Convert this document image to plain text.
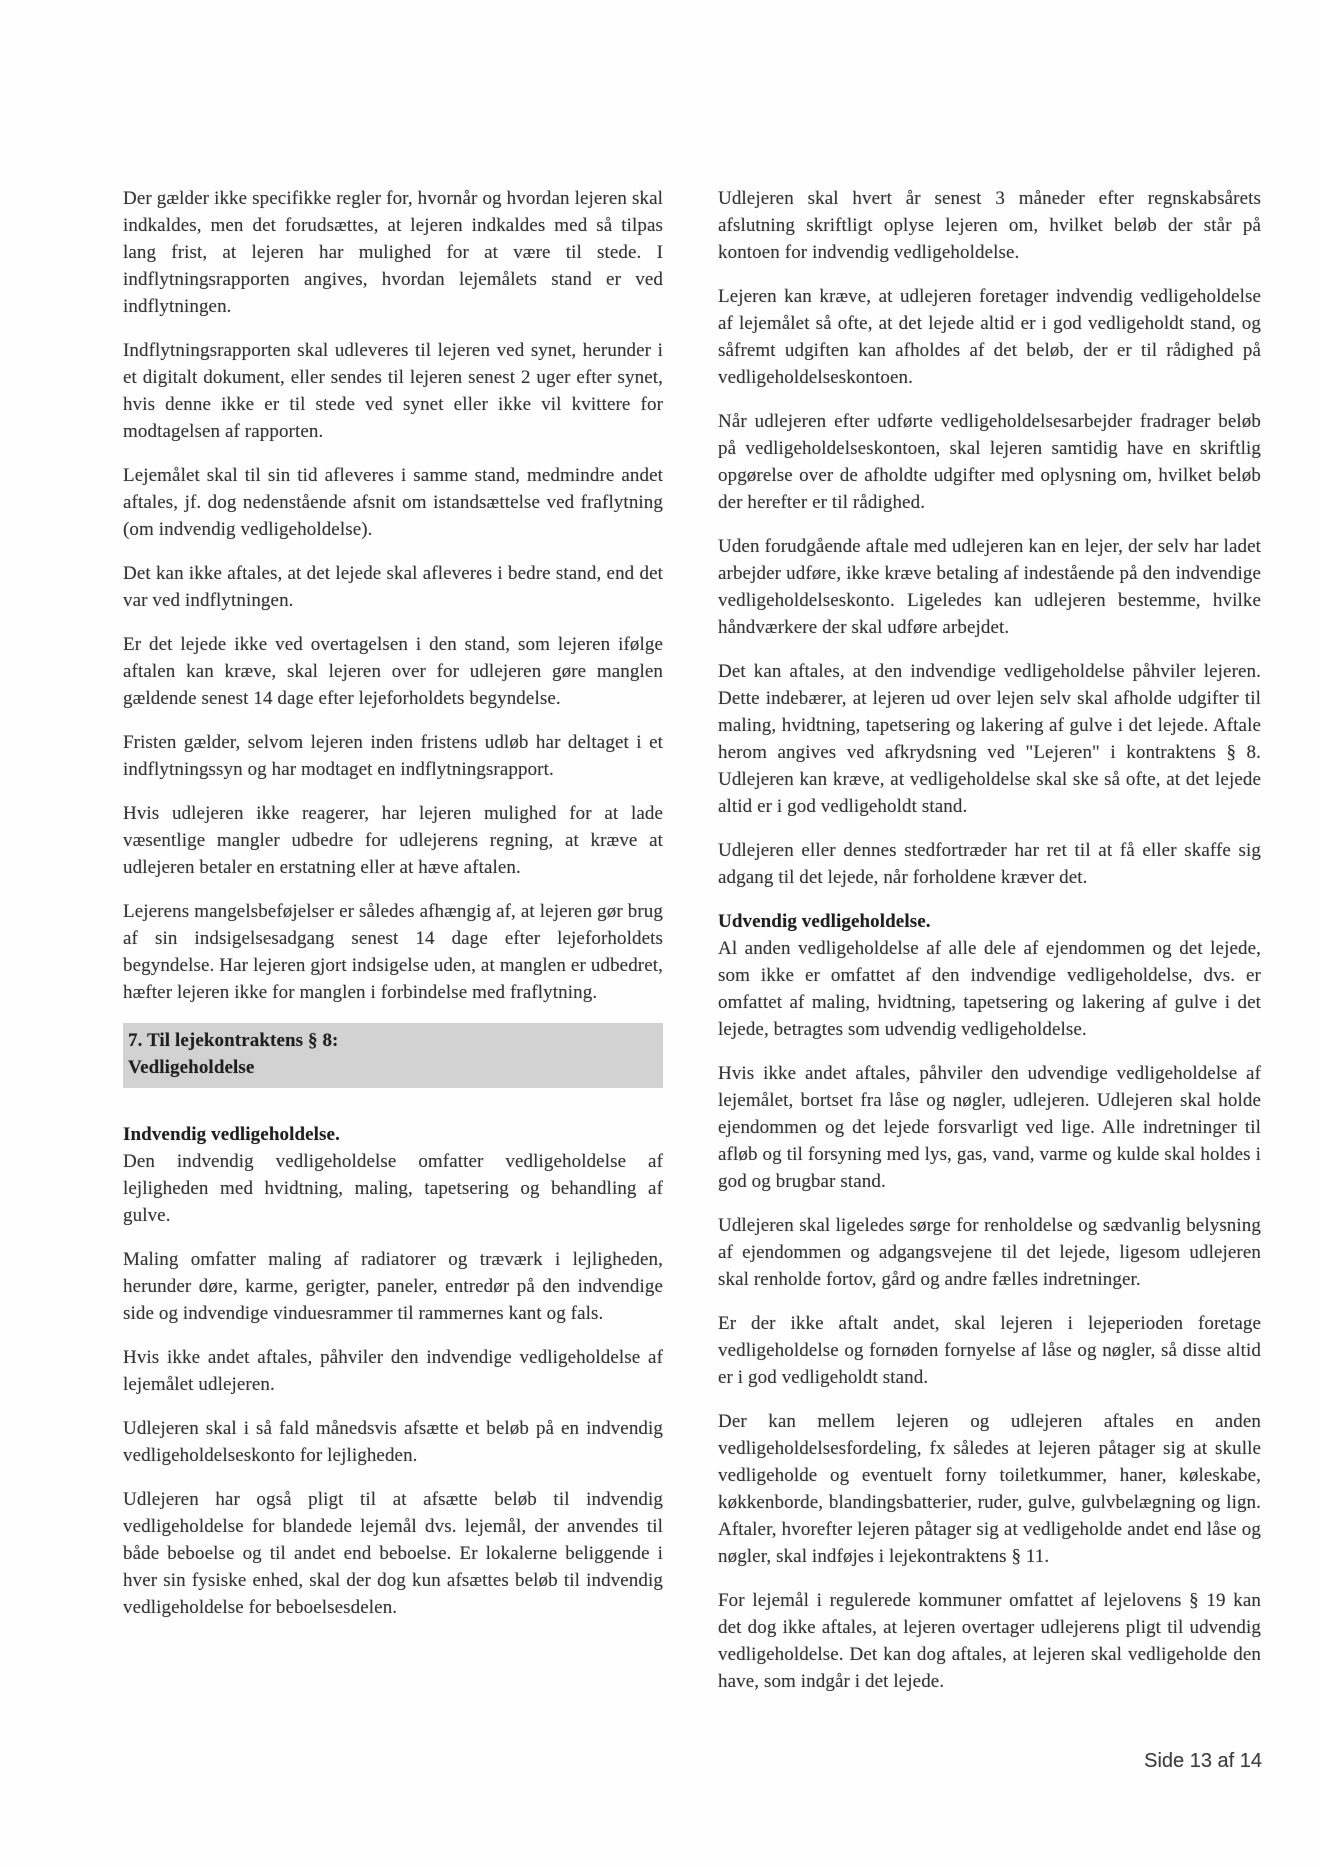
Der gælder ikke specifikke regler for, hvornår og hvordan lejeren skal indkaldes, men det forudsættes, at lejeren indkaldes med så tilpas lang frist, at lejeren har mulighed for at være til stede. I indflytningsrapporten angives, hvordan lejemålets stand er ved indflytningen.

Indflytningsrapporten skal udleveres til lejeren ved synet, herunder i et digitalt dokument, eller sendes til lejeren senest 2 uger efter synet, hvis denne ikke er til stede ved synet eller ikke vil kvittere for modtagelsen af rapporten.

Lejemålet skal til sin tid afleveres i samme stand, medmindre andet aftales, jf. dog nedenstående afsnit om istandsættelse ved fraflytning (om indvendig vedligeholdelse).

Det kan ikke aftales, at det lejede skal afleveres i bedre stand, end det var ved indflytningen.

Er det lejede ikke ved overtagelsen i den stand, som lejeren ifølge aftalen kan kræve, skal lejeren over for udlejeren gøre manglen gældende senest 14 dage efter lejeforholdets begyndelse.

Fristen gælder, selvom lejeren inden fristens udløb har deltaget i et indflytningssyn og har modtaget en indflytningsrapport.

Hvis udlejeren ikke reagerer, har lejeren mulighed for at lade væsentlige mangler udbedre for udlejerens regning, at kræve at udlejeren betaler en erstatning eller at hæve aftalen.

Lejerens mangelsbeføjelser er således afhængig af, at lejeren gør brug af sin indsigelsesadgang senest 14 dage efter lejeforholdets begyndelse. Har lejeren gjort indsigelse uden, at manglen er udbedret, hæfter lejeren ikke for manglen i forbindelse med fraflytning.

7. Til lejekontraktens § 8:
Vedligeholdelse
Indvendig vedligeholdelse.

Den indvendig vedligeholdelse omfatter vedligeholdelse af lejligheden med hvidtning, maling, tapetsering og behandling af gulve.

Maling omfatter maling af radiatorer og træværk i lejligheden, herunder døre, karme, gerigter, paneler, entredør på den indvendige side og indvendige vinduesrammer til rammernes kant og fals.

Hvis ikke andet aftales, påhviler den indvendige vedligeholdelse af lejemålet udlejeren.

Udlejeren skal i så fald månedsvis afsætte et beløb på en indvendig vedligeholdelseskonto for lejligheden.

Udlejeren har også pligt til at afsætte beløb til indvendig vedligeholdelse for blandede lejemål dvs. lejemål, der anvendes til både beboelse og til andet end beboelse. Er lokalerne beliggende i hver sin fysiske enhed, skal der dog kun afsættes beløb til indvendig vedligeholdelse for beboelsesdelen.

Udlejeren skal hvert år senest 3 måneder efter regnskabsårets afslutning skriftligt oplyse lejeren om, hvilket beløb der står på kontoen for indvendig vedligeholdelse.

Lejeren kan kræve, at udlejeren foretager indvendig vedligeholdelse af lejemålet så ofte, at det lejede altid er i god vedligeholdt stand, og såfremt udgiften kan afholdes af det beløb, der er til rådighed på vedligeholdelseskontoen.

Når udlejeren efter udførte vedligeholdelsesarbejder fradrager beløb på vedligeholdelseskontoen, skal lejeren samtidig have en skriftlig opgørelse over de afholdte udgifter med oplysning om, hvilket beløb der herefter er til rådighed.

Uden forudgående aftale med udlejeren kan en lejer, der selv har ladet arbejder udføre, ikke kræve betaling af indestående på den indvendige vedligeholdelseskonto. Ligeledes kan udlejeren bestemme, hvilke håndværkere der skal udføre arbejdet.

Det kan aftales, at den indvendige vedligeholdelse påhviler lejeren. Dette indebærer, at lejeren ud over lejen selv skal afholde udgifter til maling, hvidtning, tapetsering og lakering af gulve i det lejede. Aftale herom angives ved afkrydsning ved "Lejeren" i kontraktens § 8. Udlejeren kan kræve, at vedligeholdelse skal ske så ofte, at det lejede altid er i god vedligeholdt stand.

Udlejeren eller dennes stedfortræder har ret til at få eller skaffe sig adgang til det lejede, når forholdene kræver det.

Udvendig vedligeholdelse.

Al anden vedligeholdelse af alle dele af ejendommen og det lejede, som ikke er omfattet af den indvendige vedligeholdelse, dvs. er omfattet af maling, hvidtning, tapetsering og lakering af gulve i det lejede, betragtes som udvendig vedligeholdelse.

Hvis ikke andet aftales, påhviler den udvendige vedligeholdelse af lejemålet, bortset fra låse og nøgler, udlejeren. Udlejeren skal holde ejendommen og det lejede forsvarligt ved lige. Alle indretninger til afløb og til forsyning med lys, gas, vand, varme og kulde skal holdes i god og brugbar stand.

Udlejeren skal ligeledes sørge for renholdelse og sædvanlig belysning af ejendommen og adgangsvejene til det lejede, ligesom udlejeren skal renholde fortov, gård og andre fælles indretninger.

Er der ikke aftalt andet, skal lejeren i lejeperioden foretage vedligeholdelse og fornøden fornyelse af låse og nøgler, så disse altid er i god vedligeholdt stand.

Der kan mellem lejeren og udlejeren aftales en anden vedligeholdelsesfordeling, fx således at lejeren påtager sig at skulle vedligeholde og eventuelt forny toiletkummer, haner, køleskabe, køkkenborde, blandingsbatterier, ruder, gulve, gulvbelægning og lign. Aftaler, hvorefter lejeren påtager sig at vedligeholde andet end låse og nøgler, skal indføjes i lejekontraktens § 11.

For lejemål i regulerede kommuner omfattet af lejelovens § 19 kan det dog ikke aftales, at lejeren overtager udlejerens pligt til udvendig vedligeholdelse. Det kan dog aftales, at lejeren skal vedligeholde den have, som indgår i det lejede.

Side 13 af 14
